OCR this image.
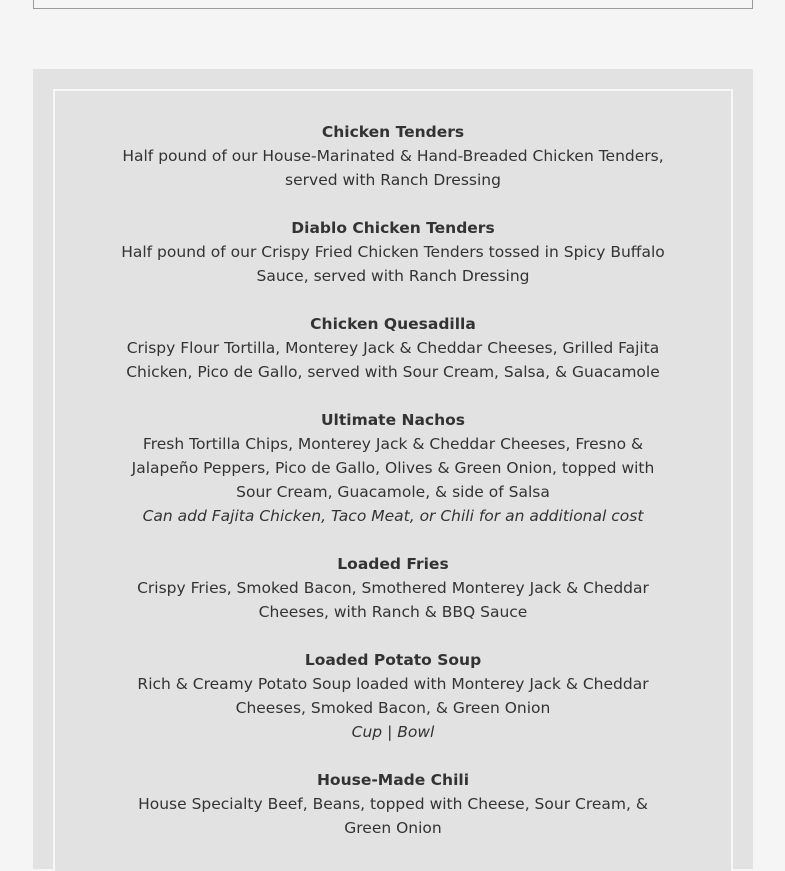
Chicken Tenders
Half pound of our House-Marinated & Hand-Breaded Chicken Tenders, served with Ranch Dressing
Diablo Chicken Tenders
Half pound of our Crispy Fried Chicken Tenders tossed in Spicy Buffalo Sauce, served with Ranch Dressing
Chicken Quesadilla
Crispy Flour Tortilla, Monterey Jack & Cheddar Cheeses, Grilled Fajita Chicken, Pico de Gallo, served with Sour Cream, Salsa, & Guacamole
Ultimate Nachos
Fresh Tortilla Chips, Monterey Jack & Cheddar Cheeses, Fresno & Jalapeño Peppers, Pico de Gallo, Olives & Green Onion, topped with Sour Cream, Guacamole, & side of Salsa
Can add Fajita Chicken, Taco Meat, or Chili for an additional cost
Loaded Fries
Crispy Fries, Smoked Bacon, Smothered Monterey Jack & Cheddar Cheeses, with Ranch & BBQ Sauce
Loaded Potato Soup
Rich & Creamy Potato Soup loaded with Monterey Jack & Cheddar Cheeses, Smoked Bacon, & Green Onion
Cup | Bowl
House-Made Chili
House Specialty Beef, Beans, topped with Cheese, Sour Cream, & Green Onion
